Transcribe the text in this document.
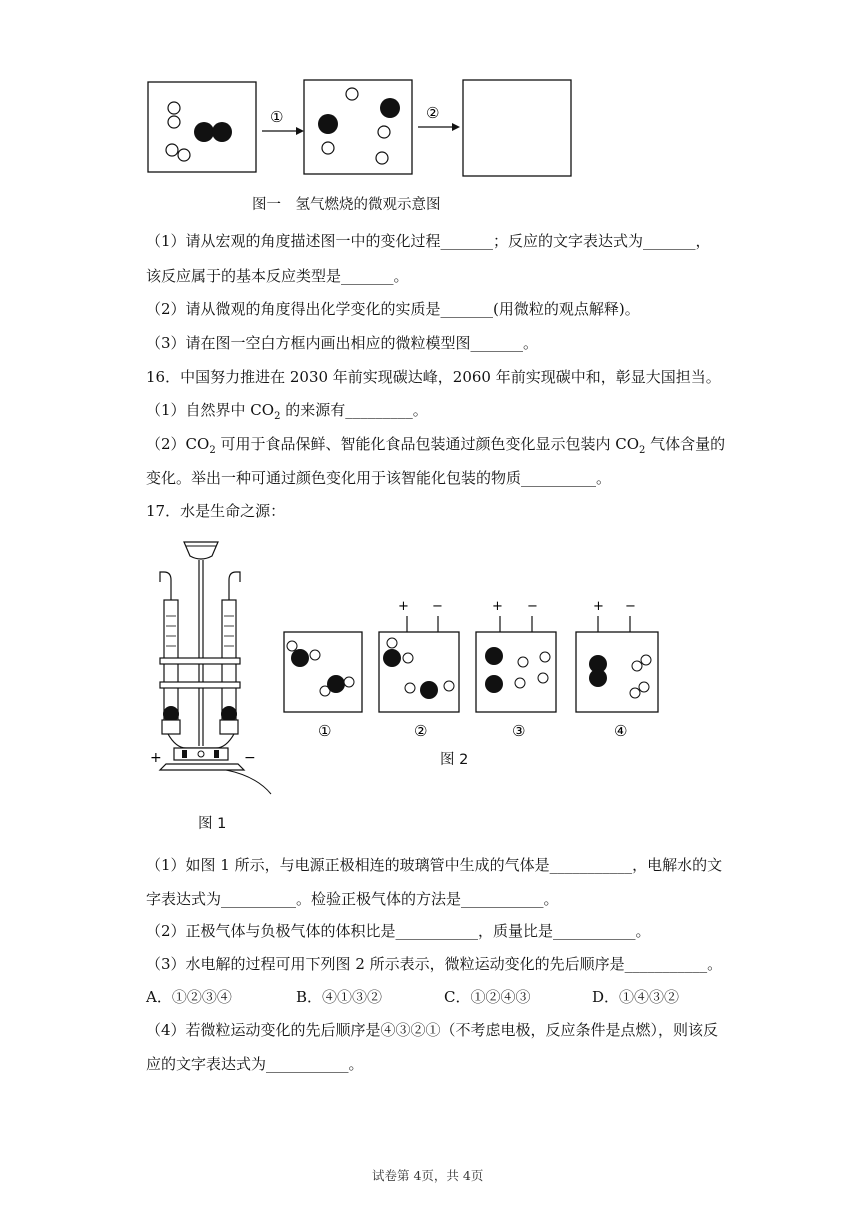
①	②
图一　氢气燃烧的微观示意图
（1）请从宏观的角度描述图一中的变化过程_______；反应的文字表达式为_______，
该反应属于的基本反应类型是_______。
（2）请从微观的角度得出化学变化的实质是_______(用微粒的观点解释)。
（3）请在图一空白方框内画出相应的微粒模型图_______。
16．中国努力推进在 2030 年前实现碳达峰，2060 年前实现碳中和，彰显大国担当。
（1）自然界中 $CO_2$ 的来源有_________。
$(2)CO_2$ 可用于食品保鲜、智能化食品包装通过颜色变化显示包装内 $CO_2$ 气体含量的
变化。举出一种可通过颜色变化用于该智能化包装的物质__________。
17．水是生命之源：
+	−
图 1
①
+ −
②
+ −
③
+ −
④
图 2
（1）如图 1 所示，与电源正极相连的玻璃管中生成的气体是___________，电解水的文
字表达式为__________。检验正极气体的方法是___________。
（2）正极气体与负极气体的体积比是___________，质量比是___________。
（3）水电解的过程可用下列图 2 所示表示，微粒运动变化的先后顺序是___________。
A．①②③④	B．④①③②	C．①②④③	D．①④③②
（4）若微粒运动变化的先后顺序是④③②①（不考虑电极，反应条件是点燃），则该反
应的文字表达式为___________。
试卷第 4页，共 4页
